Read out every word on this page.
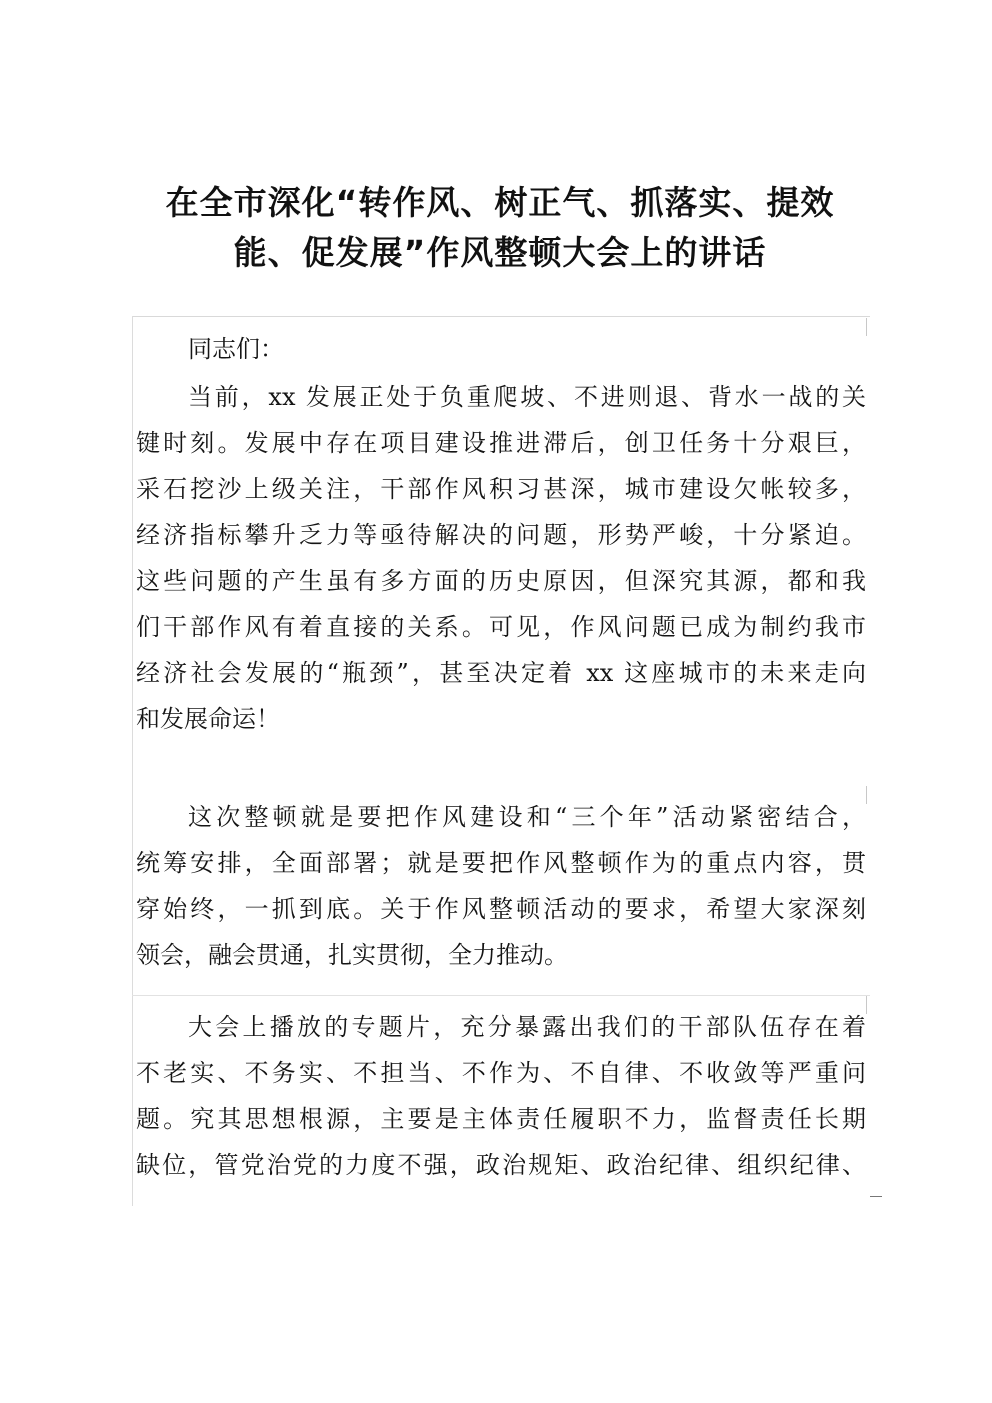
在全市深化“转作风、树正气、抓落实、提效
能、促发展”作风整顿大会上的讲话

同志们：

当前，xx 发展正处于负重爬坡、不进则退、背水一战的关
键时刻。发展中存在项目建设推进滞后，创卫任务十分艰巨，
采石挖沙上级关注，干部作风积习甚深，城市建设欠帐较多，
经济指标攀升乏力等亟待解决的问题，形势严峻，十分紧迫。
这些问题的产生虽有多方面的历史原因，但深究其源，都和我
们干部作风有着直接的关系。可见，作风问题已成为制约我市
经济社会发展的“瓶颈”，甚至决定着 xx 这座城市的未来走向
和发展命运！
这次整顿就是要把作风建设和“三个年”活动紧密结合，
统筹安排，全面部署；就是要把作风整顿作为的重点内容，贯
穿始终，一抓到底。关于作风整顿活动的要求，希望大家深刻
领会，融会贯通，扎实贯彻，全力推动。
大会上播放的专题片，充分暴露出我们的干部队伍存在着
不老实、不务实、不担当、不作为、不自律、不收敛等严重问
题。究其思想根源，主要是主体责任履职不力，监督责任长期
缺位，管党治党的力度不强，政治规矩、政治纪律、组织纪律、
